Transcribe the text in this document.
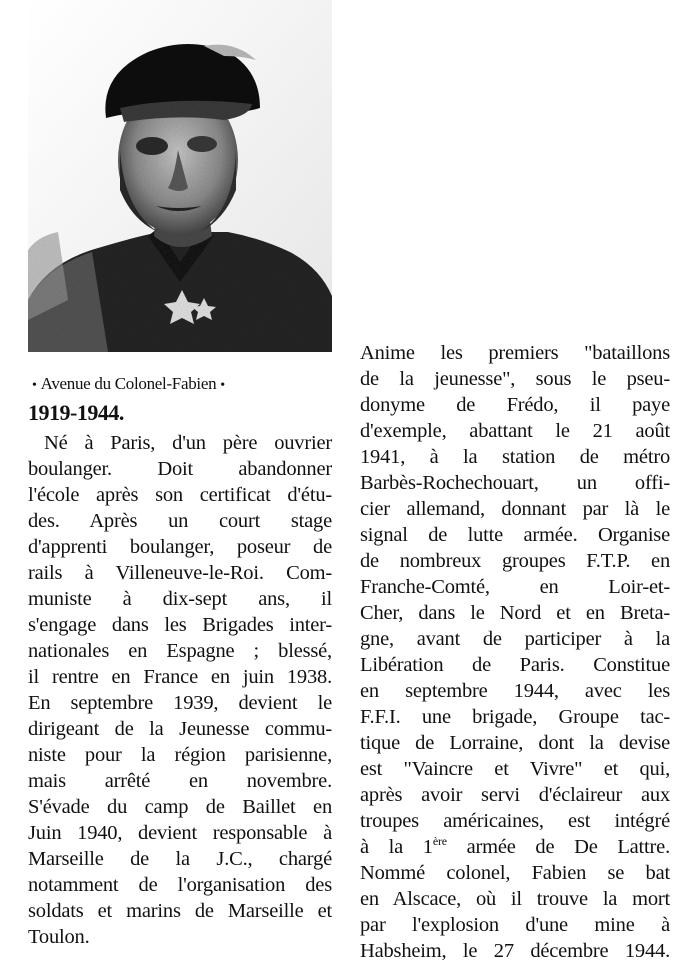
• Avenue du Colonel-Fabien •
1919-1944.
Né à Paris, d'un père ouvrier
boulanger. Doit abandonner
l'école après son certificat d'étu-
des. Après un court stage
d'apprenti boulanger, poseur de
rails à Villeneuve-le-Roi. Com-
muniste à dix-sept ans, il
s'engage dans les Brigades inter-
nationales en Espagne ; blessé,
il rentre en France en juin 1938.
En septembre 1939, devient le
dirigeant de la Jeunesse commu-
niste pour la région parisienne,
mais arrêté en novembre.
S'évade du camp de Baillet en
Juin 1940, devient responsable à
Marseille de la J.C., chargé
notamment de l'organisation des
soldats et marins de Marseille et
Toulon.
Anime les premiers "bataillons
de la jeunesse", sous le pseu-
donyme de Frédo, il paye
d'exemple, abattant le 21 août
1941, à la station de métro
Barbès-Rochechouart, un offi-
cier allemand, donnant par là le
signal de lutte armée. Organise
de nombreux groupes F.T.P. en
Franche-Comté, en Loir-et-
Cher, dans le Nord et en Breta-
gne, avant de participer à la
Libération de Paris. Constitue
en septembre 1944, avec les
F.F.I. une brigade, Groupe tac-
tique de Lorraine, dont la devise
est "Vaincre et Vivre" et qui,
après avoir servi d'éclaireur aux
troupes américaines, est intégré
à la 1ère armée de De Lattre.
Nommé colonel, Fabien se bat
en Alscace, où il trouve la mort
par l'explosion d'une mine à
Habsheim, le 27 décembre 1944.
